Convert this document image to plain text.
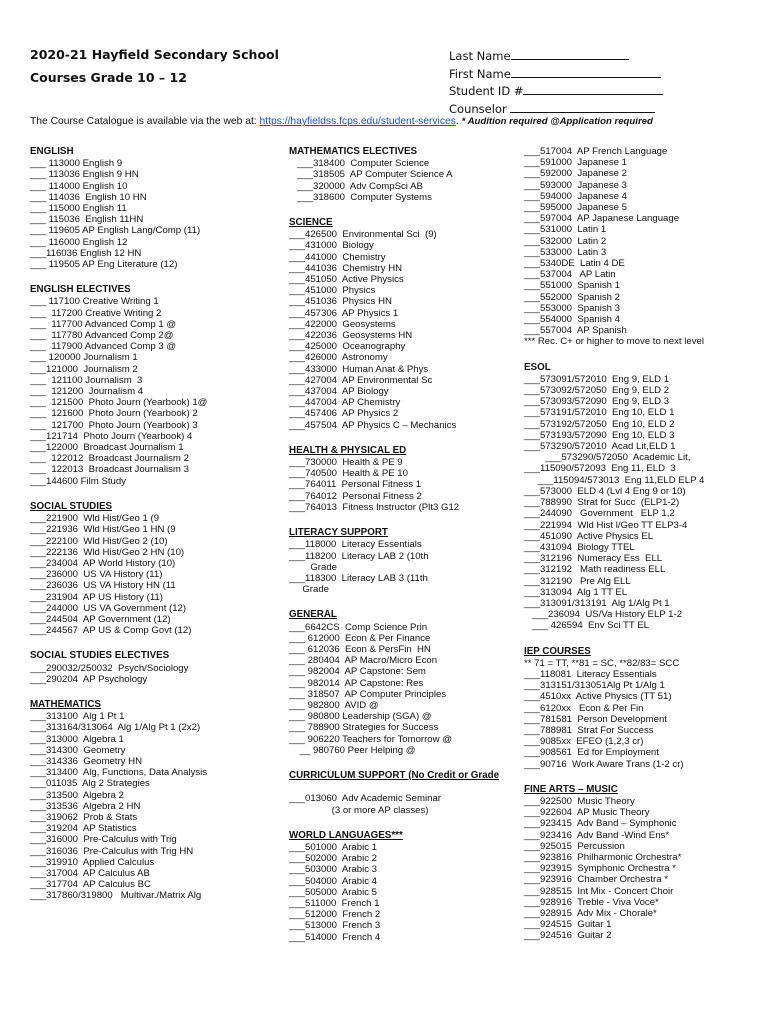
2020-21 Hayfield Secondary School
Courses Grade 10 – 12
Last Name
First Name
Student ID #
Counselor
The Course Catalogue is available via the web at: https://hayfieldss.fcps.edu/student-services. * Audition required @Application required
ENGLISH
___ 113000 English 9
___ 113036 English 9 HN
___ 114000 English 10
___ 114036  English 10 HN
___ 115000 English 11
___ 115036  English 11HN
___ 119605 AP English Lang/Comp (11)
___ 116000 English 12
___116036 English 12 HN
___ 119505 AP Eng Literature (12)
ENGLISH ELECTIVES
___ 117100 Creative Writing 1
___  117200 Creative Writing 2
___  117700 Advanced Comp 1 @
___  117780 Advanced Comp 2@
___  117900 Advanced Comp 3 @
___ 120000 Journalism 1
___121000  Journalism 2
___  121100 Journalism  3
___  121200  Journalism 4
___  121500  Photo Journ (Yearbook) 1@
___  121600  Photo Journ (Yearbook) 2
___  121700  Photo Journ (Yearbook) 3
___121714  Photo Journ (Yearbook) 4
___122000  Broadcast Journalism 1
___  122012  Broadcast Journalism 2
___  122013  Broadcast Journalism 3
___144600 Film Study
SOCIAL STUDIES
___221900  Wld Hist/Geo 1 (9
___221936  Wld Hist/Geo 1 HN (9
___222100  Wld Hist/Geo 2 (10)
___222136  Wld Hist/Geo 2 HN (10)
___234004  AP World History (10)
___236000  US VA History (11)
___236036  US VA History HN (11
___231904  AP US History (11)
___244000  US VA Government (12)
___244504  AP Government (12)
___244567  AP US & Comp Govt (12)
SOCIAL STUDIES ELECTIVES
___290032/250032  Psych/Sociology
___290204  AP Psychology
MATHEMATICS
___313100  Alg 1 Pt 1
___313164/313064  Alg 1/Alg Pt 1 (2x2)
___313000  Algebra 1
___314300  Geometry
___314336  Geometry HN
___313400  Alg, Functions, Data Analysis
___011035  Alg 2 Strategies
___313500  Algebra 2
___313536  Algebra 2 HN
___319062  Prob & Stats
___319204  AP Statistics
___316000  Pre-Calculus with Trig
___316036  Pre-Calculus with Trig HN
___319910  Applied Calculus
___317004  AP Calculus AB
___317704  AP Calculus BC
___317860/319800   Multivar./Matrix Alg
MATHEMATICS ELECTIVES
___318400  Computer Science
___318505  AP Computer Science A
___320000  Adv CompSci AB
___318600  Computer Systems
SCIENCE
___426500  Environmental Sci  (9)
___431000  Biology
___441000  Chemistry
___441036  Chemistry HN
___451050  Active Physics
___451000  Physics
___451036  Physics HN
___457306  AP Physics 1
___422000  Geosystems
___422036  Geosystems HN
___425000  Oceanography
___426000  Astronomy
___433000  Human Anat & Phys
___427004  AP Environmental Sc
___437004  AP Biology
___447004  AP Chemistry
___457406  AP Physics 2
___457504  AP Physics C – Mechanics
HEALTH & PHYSICAL ED
___730000  Health & PE 9
___740500  Health & PE 10
___764011  Personal Fitness 1
___764012  Personal Fitness 2
___764013  Fitness Instructor (Plt3 G12
LITERACY SUPPORT
___118000  Literacy Essentials
___118200  Literacy LAB 2 (10th
Grade
___118300  Literacy LAB 3 (11th
Grade
GENERAL
___6642CS  Comp Science Prin
___ 612000  Econ & Per Finance
___ 612036  Econ & PersFin  HN
___ 280404  AP Macro/Micro Econ
___ 982004  AP Capstone: Sem
___ 982014  AP Capstone: Res
___ 318507  AP Computer Principles
___ 982800  AVID @
___ 980800 Leadership (SGA) @
___ 788900 Strategies for Success
___ 906220 Teachers for Tomorrow @
__ 980760 Peer Helping @
CURRICULUM SUPPORT (No Credit or Grade

___013060  Adv Academic Seminar
(3 or more AP classes)
WORLD LANGUAGES***
___501000  Arabic 1
___502000  Arabic 2
___503000  Arabic 3
___504000  Arabic 4
___505000  Arabic 5
___511000  French 1
___512000  French 2
___513000  French 3
___514000  French 4
___517004  AP French Language
___591000  Japanese 1
___592000  Japanese 2
___593000  Japanese 3
___594000  Japanese 4
___595000  Japanese 5
___597004  AP Japanese Language
___531000  Latin 1
___532000  Latin 2
___533000  Latin 3
___5340DE  Latin 4 DE
___537004   AP Latin
___551000  Spanish 1
___552000  Spanish 2
___553000  Spanish 3
___554000  Spanish 4
___557004  AP Spanish
*** Rec. C+ or higher to move to next level
ESOL
___573091/572010  Eng 9, ELD 1
___573092/572050  Eng 9, ELD 2
___573093/572090  Eng 9, ELD 3
___573191/572010  Eng 10, ELD 1
___573192/572050  Eng 10, ELD 2
___573193/572090  Eng 10, ELD 3
___573290/572010  Acad Lit,ELD 1
___573290/572050  Academic Lit,
___115090/572093  Eng 11, ELD  3
___115094/573013  Eng 11,ELD ELP 4
___573000  ELD 4 (Lvl 4 Eng 9 or 10)
___788990  Strat for Succ  (ELP1-2)
___244090   Government   ELP 1,2
___221994  Wld Hist l/Geo TT ELP3-4
___451090  Active Physics EL
___431094  Biology TTEL
___312196  Numeracy Ess  ELL
___312192   Math readiness ELL
___312190   Pre Alg ELL
___313094  Alg 1 TT EL
___313091/313191  Alg 1/Alg Pt 1
___236094  US/Va History ELP 1-2
___ 426594  Env Sci TT EL
IEP COURSES
** 71 = TT, **81 = SC, **82/83= SCC
___118081  Literacy Essentials
___313151/313051Alg Pt 1/Alg 1
___4510xx  Active Physics (TT 51)
___6120xx   Econ & Per Fin
___781581  Person Development
___788981  Strat For Success
___9085xx  EFEO (1,2,3 cr)
___908561  Ed for Employment
___90716  Work Aware Trans (1-2 cr)
FINE ARTS – MUSIC
___922500  Music Theory
___922604  AP Music Theory
___923415  Adv Band – Symphonic
___923416  Adv Band -Wind Ens*
___925015  Percussion
___923816  Philharmonic Orchestra*
___923915  Symphonic Orchestra *
___923916  Chamber Orchestra *
___928515  Int Mix - Concert Choir
___928916  Treble - Viva Voce*
___928915  Adv Mix - Chorale*
___924515  Guitar 1
___924516  Guitar 2
